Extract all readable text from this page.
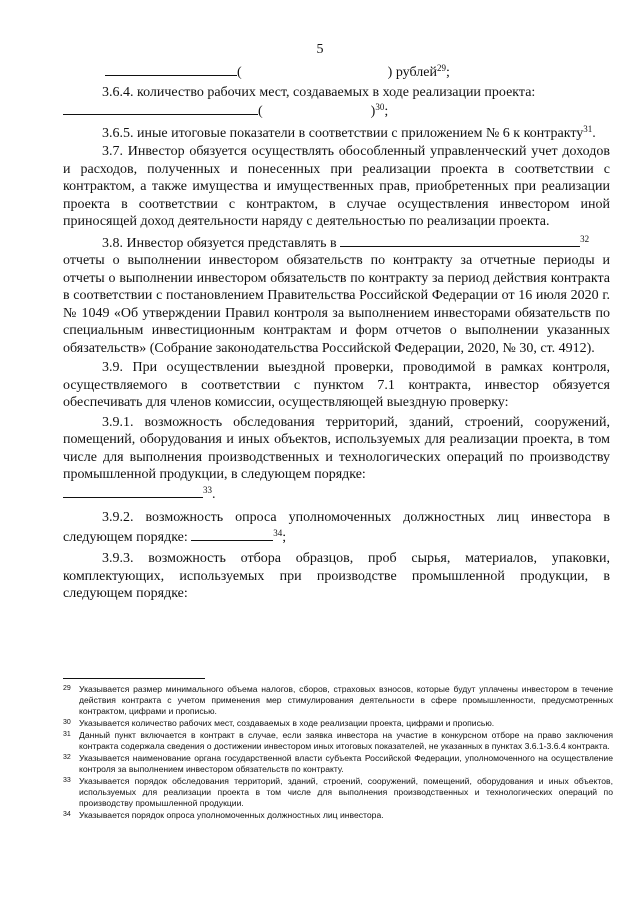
5

(	) рублей$^{29}$;

3.6.4. количество рабочих мест, создаваемых в ходе реализации проекта:

(	)$^{30}$;

3.6.5. иные итоговые показатели в соответствии с приложением № 6 к контракту$^{31}$.

3.7. Инвестор обязуется осуществлять обособленный управленческий учет доходов и расходов, полученных и понесенных при реализации проекта в соответствии с контрактом, а также имущества и имущественных прав, приобретенных при реализации проекта в соответствии с контрактом, в случае осуществления инвестором иной приносящей доход деятельности наряду с деятельностью по реализации проекта.

3.8. Инвестор обязуется представлять в	$^{32}$

отчеты о выполнении инвестором обязательств по контракту за отчетные периоды и отчеты о выполнении инвестором обязательств по контракту за период действия контракта в соответствии с постановлением Правительства Российской Федерации от 16 июля 2020 г. № 1049 «Об утверждении Правил контроля за выполнением инвесторами обязательств по специальным инвестиционным контрактам и форм отчетов о выполнении указанных обязательств» (Собрание законодательства Российской Федерации, 2020, № 30, ст. 4912).

3.9. При осуществлении выездной проверки, проводимой в рамках контроля, осуществляемого в соответствии с пунктом 7.1 контракта, инвестор обязуется обеспечивать для членов комиссии, осуществляющей выездную проверку:

3.9.1. возможность обследования территорий, зданий, строений, сооружений, помещений, оборудования и иных объектов, используемых для реализации проекта, в том числе для выполнения производственных и технологических операций по производству промышленной продукции, в следующем порядке:

$^{33}$.

3.9.2. возможность опроса уполномоченных должностных лиц инвестора в следующем порядке:	$^{34}$;

3.9.3. возможность отбора образцов, проб сырья, материалов, упаковки, комплектующих, используемых при производстве промышленной продукции, в следующем порядке:

29 Указывается размер минимального объема налогов, сборов, страховых взносов, которые будут уплачены инвестором в течение действия контракта с учетом применения мер стимулирования деятельности в сфере промышленности, предусмотренных контрактом, цифрами и прописью.
30 Указывается количество рабочих мест, создаваемых в ходе реализации проекта, цифрами и прописью.
31 Данный пункт включается в контракт в случае, если заявка инвестора на участие в конкурсном отборе на право заключения контракта содержала сведения о достижении инвестором иных итоговых показателей, не указанных в пунктах 3.6.1-3.6.4 контракта.
32 Указывается наименование органа государственной власти субъекта Российской Федерации, уполномоченного на осуществление контроля за выполнением инвестором обязательств по контракту.
33 Указывается порядок обследования территорий, зданий, строений, сооружений, помещений, оборудования и иных объектов, используемых для реализации проекта в том числе для выполнения производственных и технологических операций по производству промышленной продукции.
34 Указывается порядок опроса уполномоченных должностных лиц инвестора.
